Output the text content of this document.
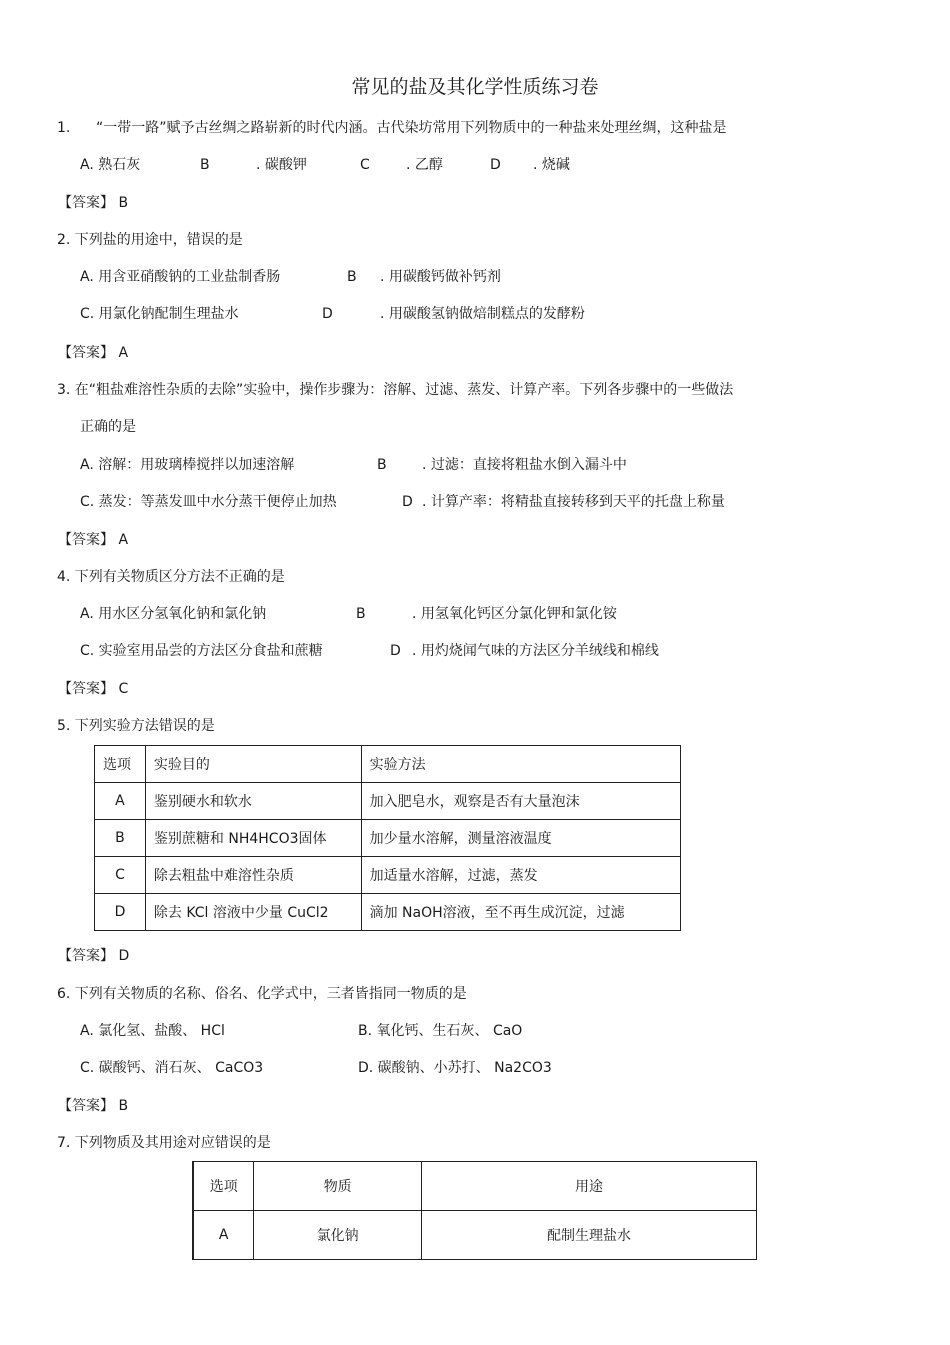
常见的盐及其化学性质练习卷
1. “一带一路”赋予古丝绸之路崭新的时代内涵。古代染坊常用下列物质中的一种盐来处理丝绸，这种盐是
A. 熟石灰	B	. 碳酸钾	C	. 乙醇	D . 烧碱
【答案】 B
2. 下列盐的用途中，错误的是
A. 用含亚硝酸钠的工业盐制香肠	B . 用碳酸钙做补钙剂
C. 用氯化钠配制生理盐水	D	. 用碳酸氢钠做焙制糕点的发酵粉
【答案】 A
3. 在“粗盐难溶性杂质的去除”实验中，操作步骤为：溶解、过滤、蒸发、计算产率。下列各步骤中的一些做法
正确的是
A. 溶解：用玻璃棒搅拌以加速溶解	B	. 过滤：直接将粗盐水倒入漏斗中
C. 蒸发：等蒸发皿中水分蒸干便停止加热	D . 计算产率：将精盐直接转移到天平的托盘上称量
【答案】 A
4. 下列有关物质区分方法不正确的是
A. 用水区分氢氧化钠和氯化钠	B	. 用氢氧化钙区分氯化钾和氯化铵
C. 实验室用品尝的方法区分食盐和蔗糖	D . 用灼烧闻气味的方法区分羊绒线和棉线
【答案】 C
5. 下列实验方法错误的是
选项	实验目的	实验方法
A	鉴别硬水和软水	加入肥皂水，观察是否有大量泡沫
B	鉴别蔗糖和 NH4HCO3固体	加少量水溶解，测量溶液温度
C	除去粗盐中难溶性杂质	加适量水溶解，过滤，蒸发
D	除去 KCl 溶液中少量 CuCl2	滴加 NaOH溶液，至不再生成沉淀，过滤
【答案】 D
6. 下列有关物质的名称、俗名、化学式中，三者皆指同一物质的是
A. 氯化氢、盐酸、 HCl	B. 氧化钙、生石灰、 CaO
C. 碳酸钙、消石灰、 CaCO3	D. 碳酸钠、小苏打、 Na2CO3
【答案】 B
7. 下列物质及其用途对应错误的是
选项	物质	用途
A	氯化钠	配制生理盐水
